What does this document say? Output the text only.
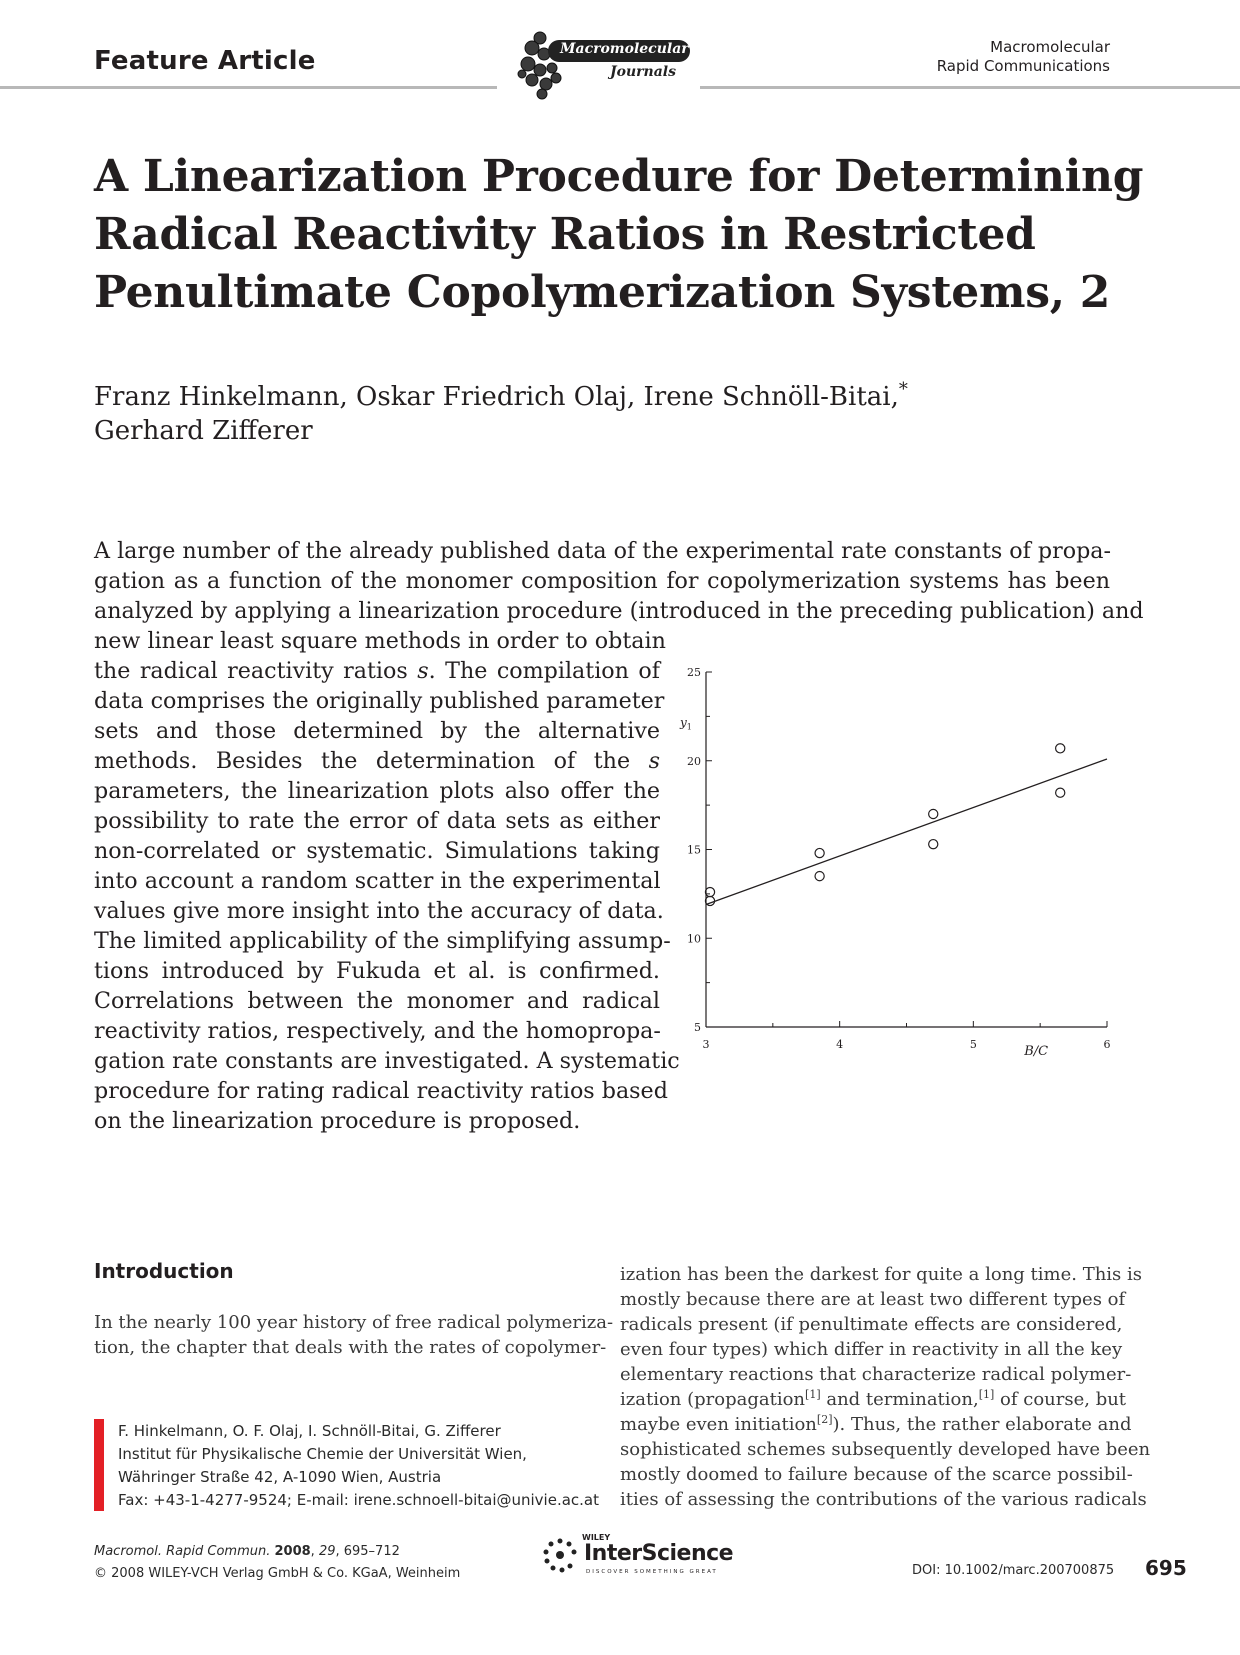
Feature Article	Macromolecular
Journals
Macromolecular
Rapid Communications
A Linearization Procedure for Determining
Radical Reactivity Ratios in Restricted
Penultimate Copolymerization Systems, 2
Franz Hinkelmann, Oskar Friedrich Olaj, Irene Schnöll-Bitai,*
Gerhard Zifferer
A large number of the already published data of the experimental rate constants of propa-
gation as a function of the monomer composition for copolymerization systems has been
analyzed by applying a linearization procedure (introduced in the preceding publication) and
new linear least square methods in order to obtain
the radical reactivity ratios s. The compilation of
data comprises the originally published parameter
sets and those determined by the alternative
methods. Besides the determination of the s
parameters, the linearization plots also offer the
possibility to rate the error of data sets as either
non-correlated or systematic. Simulations taking
into account a random scatter in the experimental
values give more insight into the accuracy of data.
The limited applicability of the simplifying assump-
tions introduced by Fukuda et al. is confirmed.
Correlations between the monomer and radical
reactivity ratios, respectively, and the homopropa-
gation rate constants are investigated. A systematic
procedure for rating radical reactivity ratios based
on the linearization procedure is proposed.
5
10
15
20
25
3	4	5	6
B/C
$y_1$
Introduction
In the nearly 100 year history of free radical polymeriza-
tion, the chapter that deals with the rates of copolymer-
ization has been the darkest for quite a long time. This is
mostly because there are at least two different types of
radicals present (if penultimate effects are considered,
even four types) which differ in reactivity in all the key
elementary reactions that characterize radical polymer-
ization (propagation[1] and termination,[1] of course, but
maybe even initiation[2]). Thus, the rather elaborate and
sophisticated schemes subsequently developed have been
mostly doomed to failure because of the scarce possibil-
ities of assessing the contributions of the various radicals
F. Hinkelmann, O. F. Olaj, I. Schnöll-Bitai, G. Zifferer
Institut für Physikalische Chemie der Universität Wien,
Währinger Straße 42, A-1090 Wien, Austria
Fax: +43-1-4277-9524; E-mail: irene.schnoell-bitai@univie.ac.at
Macromol. Rapid Commun. 2008, 29, 695–712
© 2008 WILEY-VCH Verlag GmbH & Co. KGaA, Weinheim
WILEY
InterScience
DISCOVER SOMETHING GREAT	DOI: 10.1002/marc.200700875 695
